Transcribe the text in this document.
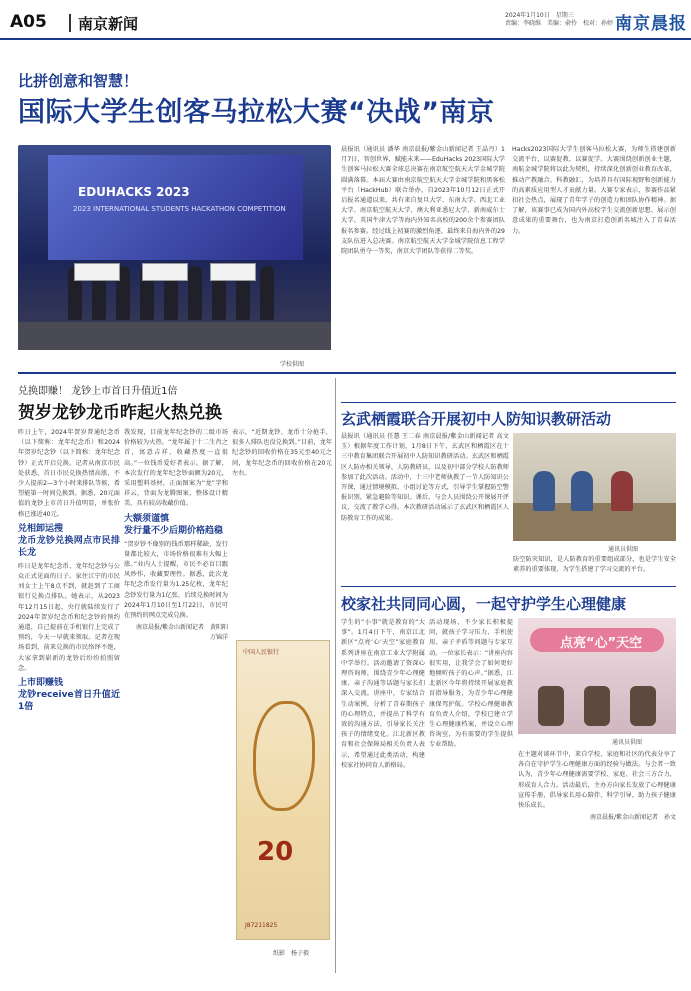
A05 南京新闻	2024年1月10日　星期三
责编：李晓维　美编：俞伶　校对：孙婷 南京晨报
比拼创意和智慧！
国际大学生创客马拉松大赛“决战”南京
EDUHACKS 2023
2023 INTERNATIONAL STUDENTS HACKATHON COMPETITION
学校供图
晨报讯（通讯员 潘华 南京晨报/紫金山新闻记者 王晶丹）1月7日，智创世界，赋能未来——EduHacks 2023国际大学生创客马拉松大赛全球总决赛在南京航空航天大学金城学院圆满落幕。本届大赛由南京航空航天大学金城学院和黑客松平台（HackHub）联合举办，自2023年10月12日正式开启报名通道以来，共有来自复旦大学、东南大学、西北工业大学、南京航空航天大学、澳大利亚悉尼大学、新南威尔士大学、英国牛津大学等海内外知名高校的200余个参赛团队报名参赛。经过线上初赛的激烈角逐，最终来自海内外的29支队伍进入总决赛。南京航空航天大学金城学院信息工程学院团队勇夺一等奖，南京大学团队等获得二等奖。
Hacks2023国际大学生创客马拉松大赛，为师生搭建创新交流平台，以赛促教、以赛促学。大赛围绕创新创业主题，南航金城学院将以此为契机，持续深化创新创业教育改革，推动产教融合、科教融汇，为培养具有国际视野和创新能力的高素质应用型人才贡献力量。大赛专家表示，参赛作品紧扣社会热点，展现了青年学子的创造力和团队协作精神。据了解，该赛事已成为国内外高校学生交流创新思想、展示创意成果的重要舞台，也为南京打造创新名城注入了青春活力。
兑换即赚！ 龙钞上市首日升值近1倍
贺岁龙钞龙币昨起火热兑换
昨日上午，2024年贺岁普通纪念币（以下简称：龙年纪念币）和2024年贺岁纪念钞（以下简称：龙年纪念钞）正式开启兑换。记者从南京市民处获悉，首日市民兑换热情高涨，不少人提前2—3个小时来排队等候，希望能第一时间兑换到。据悉，20元面值的龙钞上市首日升值明显，单张价格已涨近40元。
兑相卸运搜
龙币龙钞兑换网点市民排长龙
昨日是龙年纪念币、龙年纪念钞与公众正式见面的日子。家住江宁的市民刘女士上午8点不到，就赶到了工商银行兑换点排队。她表示，从2023年12月15日起，央行就陆续发行了2024年贺岁纪念币和纪念钞的预约通道，自己提前在手机银行上完成了预约，今天一早就来领取。记者在现场看到，前来兑换的市民络绎不绝，大家拿到崭新的龙钞后纷纷拍照留念。
上市即赚钱
龙钞receive首日升值近1倍
我发现，目前龙年纪念钞的二级市场价格较为火热。“龙年属于十二生肖之首，寓意吉祥，收藏热度一直很高。”一位钱币爱好者表示。据了解，本次发行的龙年纪念钞面额为20元，采用塑料基材，正面图案为“龙”字和祥云，背面为龙腾图案，整体设计精美，具有较高收藏价值。
大额须谨慎
发行量不少后期价格趋稳
“贺岁钞不像别的钱币那样稀缺，发行量都比较大，市场价格很难有大幅上涨。”业内人士提醒，市民不必盲目跟风炒作，收藏要理性。据悉，此次龙年纪念币发行量为1.25亿枚，龙年纪念钞发行量为1亿张，后续兑换时间为2024年1月10日至1月22日，市民可在预约的网点完成兑换。
南京晨报/紫金山新闻记者　黄阳阳　万锦洋
表示，“近期龙钞、龙币十分抢手，很多人排队也没兑换到。”目前，龙年纪念钞的回收价格在35元至40元之间，龙年纪念币的回收价格在20元左右。
中国人民银行
20
J87211825
纸影　杨子毅
玄武栖霞联合开展初中人防知识教研活动
晨报讯（通讯员 任慧 王二春 南京晨报/紫金山新闻记者 高文玉）根据年度工作计划，1月8日下午，玄武区和栖霞区在十三中教育集团联合开展初中人防知识教研活动。玄武区和栖霞区人防办相关领导、人防教研员，以及初中部分学校人防教师参加了此次活动。活动中，十三中老师执教了一节人防知识公开课，通过情境模拟、小组讨论等方式，引导学生掌握防空警报识别、紧急避险等知识。课后，与会人员围绕公开课展开评议，交流了教学心得。本次教研活动展示了玄武区和栖霞区人防教育工作的成果。
通讯员供图
防空防灾知识，是人防教育的重要组成部分，也是学生安全素养的重要体现，为学生搭建了学习交流的平台。
校家社共同同心圆，一起守护学生心理健康
学生的“小事”就是教育的“大事”。1月4日下午，南京江北新区“点亮‘心’天空”家庭教育系列讲座在南京工业大学附属中学举行。活动邀请了资深心理咨询师，围绕青少年心理健康、亲子沟通等话题与家长们深入交流。讲座中，专家结合生动案例，分析了青春期孩子的心理特点，并提出了科学有效的沟通方法，引导家长关注孩子的情绪变化。江北新区教育和社会保障局相关负责人表示，希望通过此类活动，构建校家社协同育人新格局。
活动现场，不少家长积极提问，就孩子学习压力、手机使用、亲子矛盾等问题与专家互动。一位家长表示：“讲座内容很实用，让我学会了如何更好地倾听孩子的心声。”据悉，江北新区今年将持续开展家庭教育指导服务，为青少年心理健康保驾护航。学校心理健康教育负责人介绍，学校已建立学生心理健康档案，并设立心理咨询室，为有需要的学生提供专业帮助。
点亮“心”天空
通讯员供图
在主题对谈环节中，来自学校、家庭和社区的代表分享了各自在守护学生心理健康方面的经验与做法。与会者一致认为，青少年心理健康需要学校、家庭、社会三方合力，形成育人合力。活动最后，主办方向家长发放了心理健康宣传手册，倡导家长用心陪伴、科学引导，助力孩子健康快乐成长。
南京晨报/紫金山新闻记者　孙文
